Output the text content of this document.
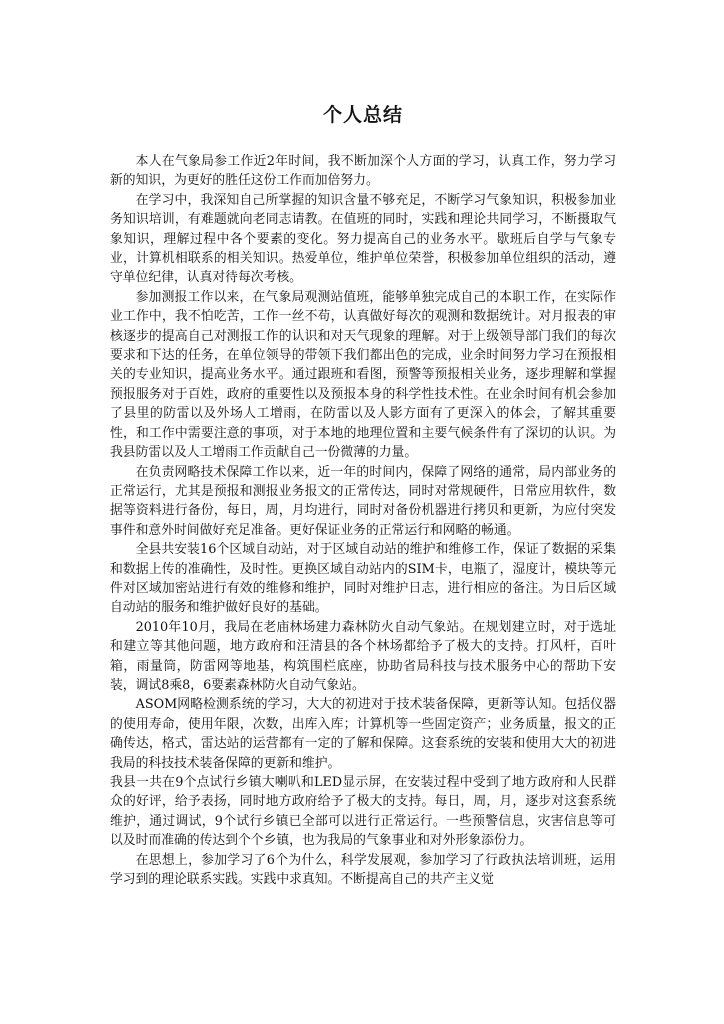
个人总结

本人在气象局参工作近2年时间，我不断加深个人方面的学习，认真工作，努力学习新的知识，为更好的胜任这份工作而加倍努力。

在学习中，我深知自己所掌握的知识含量不够充足，不断学习气象知识，积极参加业务知识培训，有难题就向老同志请教。在值班的同时，实践和理论共同学习，不断摄取气象知识，理解过程中各个要素的变化。努力提高自己的业务水平。歇班后自学与气象专业，计算机相联系的相关知识。热爱单位，维护单位荣誉，积极参加单位组织的活动，遵守单位纪律，认真对待每次考核。

参加测报工作以来，在气象局观测站值班，能够单独完成自己的本职工作，在实际作业工作中，我不怕吃苦，工作一丝不苟，认真做好每次的观测和数据统计。对月报表的审核逐步的提高自己对测报工作的认识和对天气现象的理解。对于上级领导部门我们的每次要求和下达的任务，在单位领导的带领下我们都出色的完成，业余时间努力学习在预报相关的专业知识，提高业务水平。通过跟班和看图，预警等预报相关业务，逐步理解和掌握预报服务对于百姓，政府的重要性以及预报本身的科学性技术性。在业余时间有机会参加了县里的防雷以及外场人工增雨，在防雷以及人影方面有了更深入的体会，了解其重要性，和工作中需要注意的事项，对于本地的地理位置和主要气候条件有了深切的认识。为我县防雷以及人工增雨工作贡献自己一份微薄的力量。

在负责网略技术保障工作以来，近一年的时间内，保障了网络的通常，局内部业务的正常运行，尤其是预报和测报业务报文的正常传达，同时对常规硬件，日常应用软件，数据等资料进行备份，每日，周，月均进行，同时对备份机器进行拷贝和更新，为应付突发事件和意外时间做好充足准备。更好保证业务的正常运行和网略的畅通。

全县共安装16个区域自动站，对于区域自动站的维护和维修工作，保证了数据的采集和数据上传的准确性，及时性。更换区域自动站内的SIM卡，电瓶了，湿度计，模块等元件对区域加密站进行有效的维修和维护，同时对维护日志，进行相应的备注。为日后区域自动站的服务和维护做好良好的基础。

2010年10月，我局在老庙林场建力森林防火自动气象站。在规划建立时，对于选址和建立等其他问题，地方政府和汪清县的各个林场都给予了极大的支持。打风杆，百叶箱，雨量筒，防雷网等地基，构筑围栏底座，协助省局科技与技术服务中心的帮助下安装，调试8乘8，6要素森林防火自动气象站。

ASOM网略检测系统的学习，大大的初进对于技术装备保障，更新等认知。包括仪器的使用寿命，使用年限，次数，出库入库；计算机等一些固定资产；业务质量，报文的正确传达，格式，雷达站的运营都有一定的了解和保障。这套系统的安装和使用大大的初进我局的科技技术装备保障的更新和维护。

我县一共在9个点试行乡镇大喇叭和LED显示屏，在安装过程中受到了地方政府和人民群众的好评，给予表扬，同时地方政府给予了极大的支持。每日，周，月，逐步对这套系统维护，通过调试，9个试行乡镇已全部可以进行正常运行。一些预警信息，灾害信息等可以及时而准确的传达到个个乡镇，也为我局的气象事业和对外形象添份力。

在思想上，参加学习了6个为什么，科学发展观，参加学习了行政执法培训班，运用学习到的理论联系实践。实践中求真知。不断提高自己的共产主义觉
